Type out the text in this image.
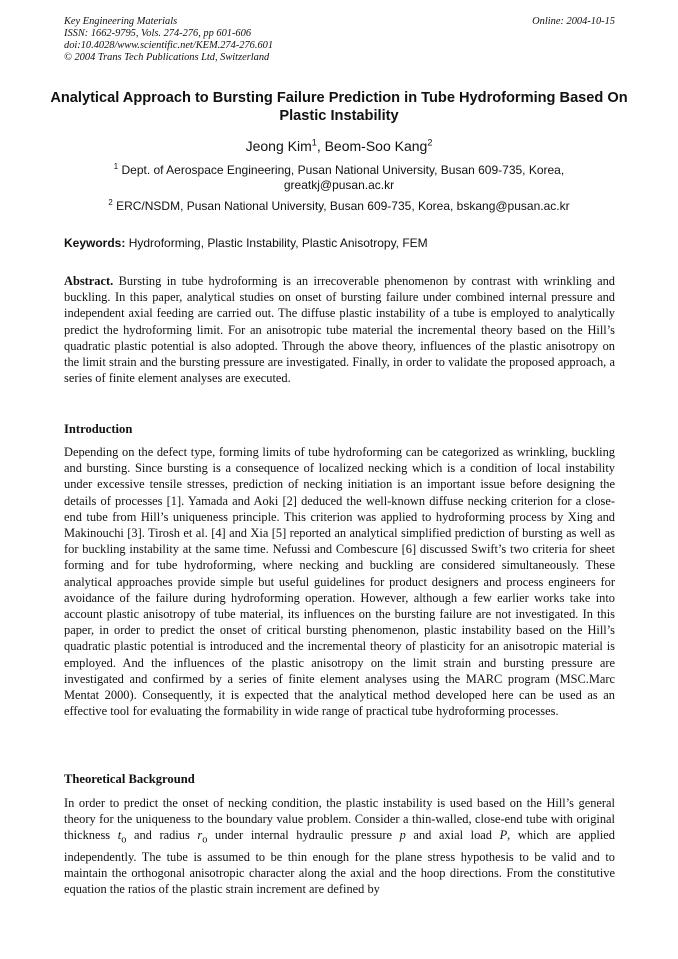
Key Engineering Materials
ISSN: 1662-9795, Vols. 274-276, pp 601-606
doi:10.4028/www.scientific.net/KEM.274-276.601
© 2004 Trans Tech Publications Ltd, Switzerland
Online: 2004-10-15
Analytical Approach to Bursting Failure Prediction in Tube Hydroforming Based On Plastic Instability
Jeong Kim$^1$, Beom-Soo Kang$^2$
$^1$ Dept. of Aerospace Engineering, Pusan National University, Busan 609-735, Korea, greatkj@pusan.ac.kr
$^2$ ERC/NSDM, Pusan National University, Busan 609-735, Korea, bskang@pusan.ac.kr
Keywords: Hydroforming, Plastic Instability, Plastic Anisotropy, FEM
Abstract. Bursting in tube hydroforming is an irrecoverable phenomenon by contrast with wrinkling and buckling. In this paper, analytical studies on onset of bursting failure under combined internal pressure and independent axial feeding are carried out. The diffuse plastic instability of a tube is employed to analytically predict the hydroforming limit. For an anisotropic tube material the incremental theory based on the Hill’s quadratic plastic potential is also adopted. Through the above theory, influences of the plastic anisotropy on the limit strain and the bursting pressure are investigated. Finally, in order to validate the proposed approach, a series of finite element analyses are executed.
Introduction
Depending on the defect type, forming limits of tube hydroforming can be categorized as wrinkling, buckling and bursting. Since bursting is a consequence of localized necking which is a condition of local instability under excessive tensile stresses, prediction of necking initiation is an important issue before designing the details of processes [1]. Yamada and Aoki [2] deduced the well-known diffuse necking criterion for a close-end tube from Hill’s uniqueness principle. This criterion was applied to hydroforming process by Xing and Makinouchi [3]. Tirosh et al. [4] and Xia [5] reported an analytical simplified prediction of bursting as well as for buckling instability at the same time. Nefussi and Combescure [6] discussed Swift’s two criteria for sheet forming and for tube hydroforming, where necking and buckling are considered simultaneously. These analytical approaches provide simple but useful guidelines for product designers and process engineers for avoidance of the failure during hydroforming operation. However, although a few earlier works take into account plastic anisotropy of tube material, its influences on the bursting failure are not investigated. In this paper, in order to predict the onset of critical bursting phenomenon, plastic instability based on the Hill’s quadratic plastic potential is introduced and the incremental theory of plasticity for an anisotropic material is employed. And the influences of the plastic anisotropy on the limit strain and bursting pressure are investigated and confirmed by a series of finite element analyses using the MARC program (MSC.Marc Mentat 2000). Consequently, it is expected that the analytical method developed here can be used as an effective tool for evaluating the formability in wide range of practical tube hydroforming processes.
Theoretical Background
In order to predict the onset of necking condition, the plastic instability is used based on the Hill’s general theory for the uniqueness to the boundary value problem. Consider a thin-walled, close-end tube with original thickness $t_o$ and radius $r_o$ under internal hydraulic pressure p and axial load P, which are applied independently. The tube is assumed to be thin enough for the plane stress hypothesis to be valid and to maintain the orthogonal anisotropic character along the axial and the hoop directions. From the constitutive equation the ratios of the plastic strain increment are defined by
